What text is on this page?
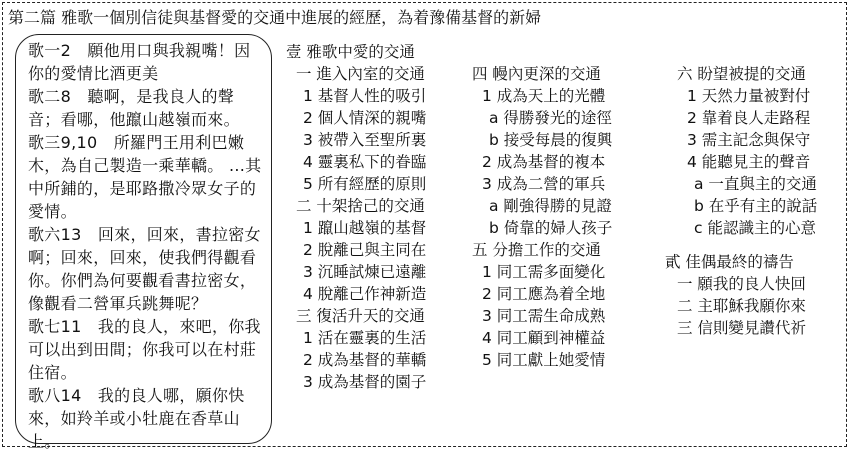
第二篇 雅歌一個別信徒與基督愛的交通中進展的經歷，為着豫備基督的新婦

歌一2　願他用口與我親嘴！因你的愛情比酒更美

歌二8　聽啊，是我良人的聲音；看哪，他躥山越嶺而來。

歌三9,10　所羅門王用利巴嫩木，為自己製造一乘華轎。 ...其中所鋪的，是耶路撒冷眾女子的愛情。

歌六13　回來，回來，書拉密女啊；回來，回來，使我們得觀看你。你們為何要觀看書拉密女，像觀看二營軍兵跳舞呢？

歌七11　我的良人，來吧，你我可以出到田間；你我可以在村莊住宿。

歌八14　我的良人哪，願你快來，如羚羊或小牡鹿在香草山上。

壹 雅歌中愛的交通
一 進入內室的交通
1 基督人性的吸引
2 個人情深的親嘴
3 被帶入至聖所裏
4 靈裏私下的眷臨
5 所有經歷的原則
二 十架捨己的交通
1 躥山越嶺的基督
2 脫離己與主同在
3 沉睡試煉已遠離
4 脫離己作神新造
三 復活升天的交通
1 活在靈裏的生活
2 成為基督的華轎
3 成為基督的園子
四 幔內更深的交通
1 成為天上的光體
a 得勝發光的途徑
b 接受每晨的復興
2 成為基督的複本
3 成為二營的軍兵
a 剛強得勝的見證
b 倚靠的婦人孩子
五 分擔工作的交通
1 同工需多面變化
2 同工應為着全地
3 同工需生命成熟
4 同工顧到神權益
5 同工獻上她愛情
六 盼望被提的交通
1 天然力量被對付
2 靠着良人走路程
3 需主記念與保守
4 能聽見主的聲音
a 一直與主的交通
b 在乎有主的說話
c 能認識主的心意
貳 佳偶最終的禱告
一 願我的良人快回
二 主耶穌我願你來
三 信則變見讚代祈
